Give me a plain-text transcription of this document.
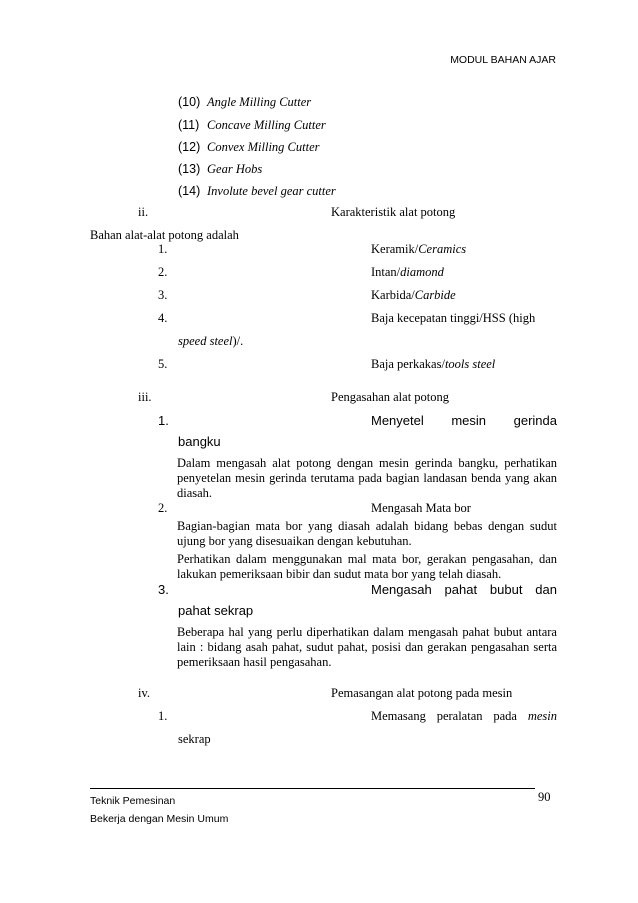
MODUL BAHAN AJAR
(10) Angle Milling Cutter
(11) Concave Milling Cutter
(12) Convex Milling Cutter
(13) Gear Hobs
(14) Involute bevel gear cutter
ii.	Karakteristik alat potong
Bahan alat-alat potong adalah
1.	Keramik/Ceramics
2.	Intan/diamond
3.	Karbida/Carbide
4.	Baja kecepatan tinggi/HSS (high
speed steel)/.
5.	Baja perkakas/tools steel
iii.	Pengasahan alat potong
1.	Menyetel mesin gerinda
bangku
Dalam mengasah alat potong dengan mesin gerinda bangku, perhatikan penyetelan mesin gerinda terutama pada bagian landasan benda yang akan diasah.
2.	Mengasah Mata bor
Bagian-bagian mata bor yang diasah adalah bidang bebas dengan sudut ujung bor yang disesuaikan dengan kebutuhan.
Perhatikan dalam menggunakan mal mata bor, gerakan pengasahan, dan lakukan pemeriksaan bibir dan sudut mata bor yang telah diasah.
3.	Mengasah pahat bubut dan
pahat sekrap
Beberapa hal yang perlu diperhatikan dalam mengasah pahat bubut antara lain : bidang asah pahat, sudut pahat, posisi dan gerakan pengasahan serta pemeriksaan hasil pengasahan.
iv.	Pemasangan alat potong pada mesin
1.	Memasang peralatan pada mesin
sekrap
90
Teknik Pemesinan
Bekerja dengan Mesin Umum
